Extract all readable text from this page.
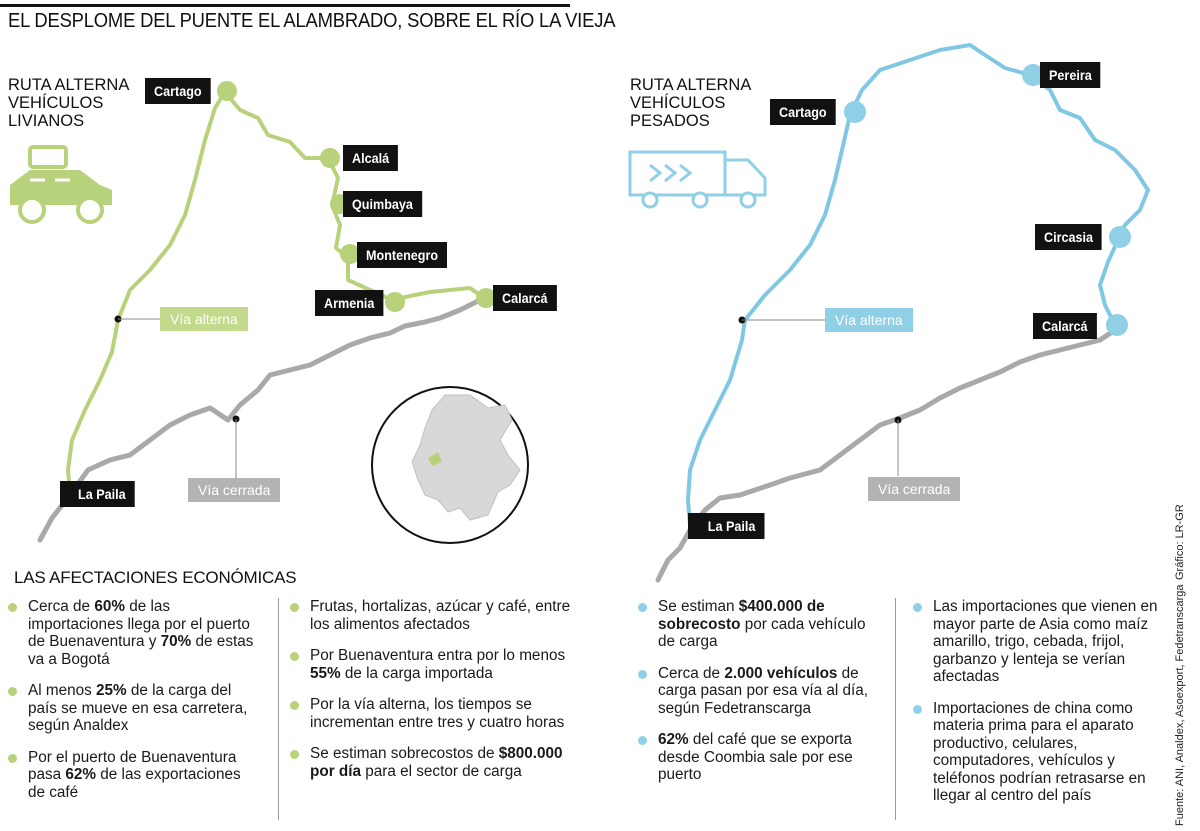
EL DESPLOME DEL PUENTE EL ALAMBRADO, SOBRE EL RÍO LA VIEJA
RUTA ALTERNA
VEHÍCULOS
LIVIANOS
RUTA ALTERNA
VEHÍCULOS
PESADOS
Cartago
Alcalá
Quimbaya
Montenegro
Armenia	Calarcá
La Paila
Vía alterna
Vía cerrada
Cartago
Pereira
Circasia
Calarcá
La Paila
Vía alterna
Vía cerrada
LAS AFECTACIONES ECONÓMICAS
Cerca de 60% de las importaciones llega por el puerto de Buenaventura y 70% de estas va a Bogotá
Al menos 25% de la carga del país se mueve en esa carretera, según Analdex
Por el puerto de Buenaventura pasa 62% de las exportaciones de café
Frutas, hortalizas, azúcar y café, entre los alimentos afectados
Por Buenaventura entra por lo menos 55% de la carga importada
Por la vía alterna, los tiempos se incrementan entre tres y cuatro horas
Se estiman sobrecostos de $800.000 por día para el sector de carga
Se estiman $400.000 de sobrecosto por cada vehículo de carga
Cerca de 2.000 vehículos de carga pasan por esa vía al día, según Fedetranscarga
62% del café que se exporta desde Coombia sale por ese puerto
Las importaciones que vienen en mayor parte de Asia como maíz amarillo, trigo, cebada, frijol, garbanzo y lenteja se verían afectadas
Importaciones de china como materia prima para el aparato productivo, celulares, computadores, vehículos y teléfonos podrían retrasarse en llegar al centro del país
Gráfico: LR-GR
Fuente: ANI, Analdex, Asoexport, Fedetranscarga
